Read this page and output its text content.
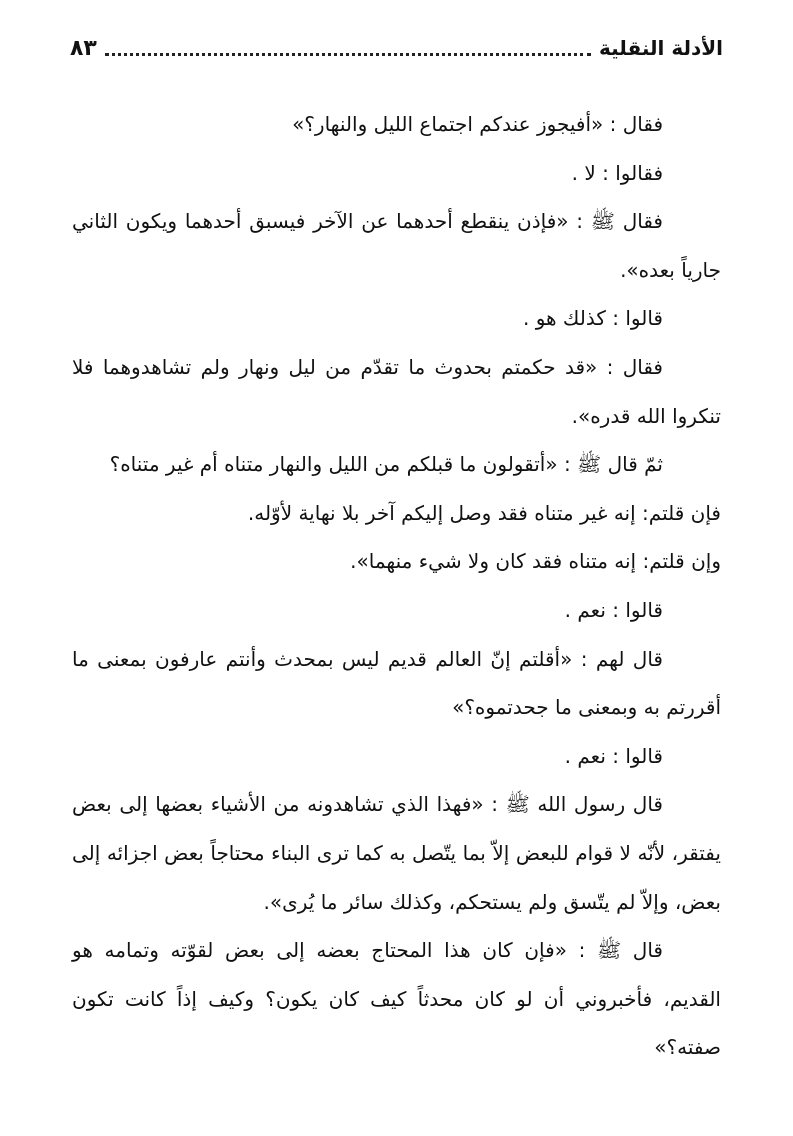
الأدلة النقلية
٨٣

فقال : «أفيجوز عندكم اجتماع الليل والنهار؟»

فقالوا : لا .

فقال ﷺ : «فإذن ينقطع أحدهما عن الآخر فيسبق أحدهما ويكون الثاني جارياً بعده».

قالوا : كذلك هو .

فقال : «قد حكمتم بحدوث ما تقدّم من ليل ونهار ولم تشاهدوهما فلا تنكروا الله قدره».

ثمّ قال ﷺ : «أتقولون ما قبلكم من الليل والنهار متناه أم غير متناه؟

فإن قلتم: إنه غير متناه فقد وصل إليكم آخر بلا نهاية لأوّله.

وإن قلتم: إنه متناه فقد كان ولا شيء منهما».

قالوا : نعم .

قال لهم : «أقلتم إنّ العالم قديم ليس بمحدث وأنتم عارفون بمعنى ما أقررتم به وبمعنى ما جحدتموه؟»

قالوا : نعم .

قال رسول الله ﷺ : «فهذا الذي تشاهدونه من الأشياء بعضها إلى بعض يفتقر، لأنّه لا قوام للبعض إلاّ بما يتّصل به كما ترى البناء محتاجاً بعض اجزائه إلى بعض، وإلاّ لم يتّسق ولم يستحكم، وكذلك سائر ما يُرى».

قال ﷺ : «فإن كان هذا المحتاج بعضه إلى بعض لقوّته وتمامه هو القديم، فأخبروني أن لو كان محدثاً كيف كان يكون؟ وكيف إذاً كانت تكون صفته؟»
